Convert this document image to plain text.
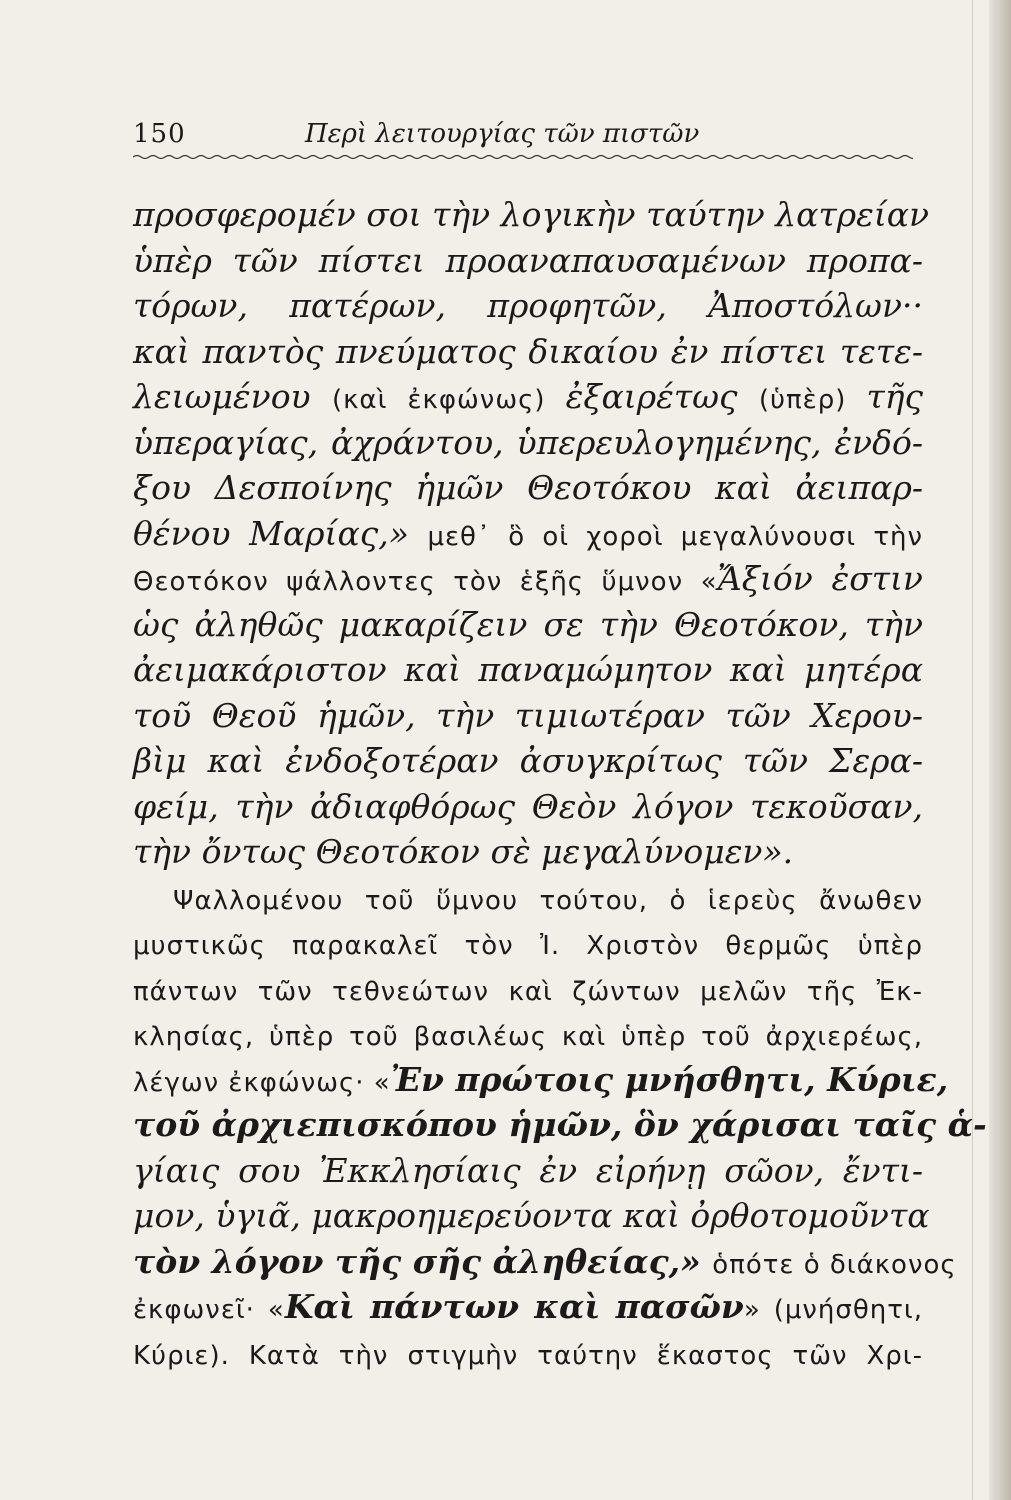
150	Περὶ λειτουργίας τῶν πιστῶν
προσφερομέν σοι τὴν λογικὴν ταύτην λατρείαν
ὑπὲρ τῶν πίστει προαναπαυσαμένων προπα-
τόρων, πατέρων, προφητῶν, Ἀποστόλων··
καὶ παντὸς πνεύματος δικαίου ἐν πίστει τετε-
λειωμένου (καὶ ἐκφώνως) ἐξαιρέτως (ὑπὲρ) τῆς
ὑπεραγίας, ἀχράντου, ὑπερευλογημένης, ἐνδό-
ξου Δεσποίνης ἡμῶν Θεοτόκου καὶ ἀειπαρ-
θένου Μαρίας,» μεθ᾽ ὃ οἱ χοροὶ μεγαλύνουσι τὴν
Θεοτόκον ψάλλοντες τὸν ἑξῆς ὕμνον «Ἄξιόν ἐστιν
ὡς ἀληθῶς μακαρίζειν σε τὴν Θεοτόκον, τὴν
ἀειμακάριστον καὶ παναμώμητον καὶ μητέρα
τοῦ Θεοῦ ἡμῶν, τὴν τιμιωτέραν τῶν Χερου-
βὶμ καὶ ἐνδοξοτέραν ἀσυγκρίτως τῶν Σερα-
φείμ, τὴν ἀδιαφθόρως Θεὸν λόγον τεκοῦσαν,
τὴν ὄντως Θεοτόκον σὲ μεγαλύνομεν».
Ψαλλομένου τοῦ ὕμνου τούτου, ὁ ἱερεὺς ἄνωθεν
μυστικῶς παρακαλεῖ τὸν Ἰ. Χριστὸν θερμῶς ὑπὲρ
πάντων τῶν τεθνεώτων καὶ ζώντων μελῶν τῆς Ἐκ-
κλησίας, ὑπὲρ τοῦ βασιλέως καὶ ὑπὲρ τοῦ ἀρχιερέως,
λέγων ἐκφώνως· «Ἐν πρώτοις μνήσθητι, Κύριε,
τοῦ ἀρχιεπισκόπου ἡμῶν, ὃν χάρισαι ταῖς ἁ-
γίαις σου Ἐκκλησίαις ἐν εἰρήνῃ σῶον, ἔντι-
μον, ὑγιᾶ, μακροημερεύοντα καὶ ὀρθοτομοῦντα
τὸν λόγον τῆς σῆς ἀληθείας,» ὁπότε ὁ διάκονος
ἐκφωνεῖ· «Καὶ πάντων καὶ πασῶν» (μνήσθητι,
Κύριε). Κατὰ τὴν στιγμὴν ταύτην ἕκαστος τῶν Χρι-
